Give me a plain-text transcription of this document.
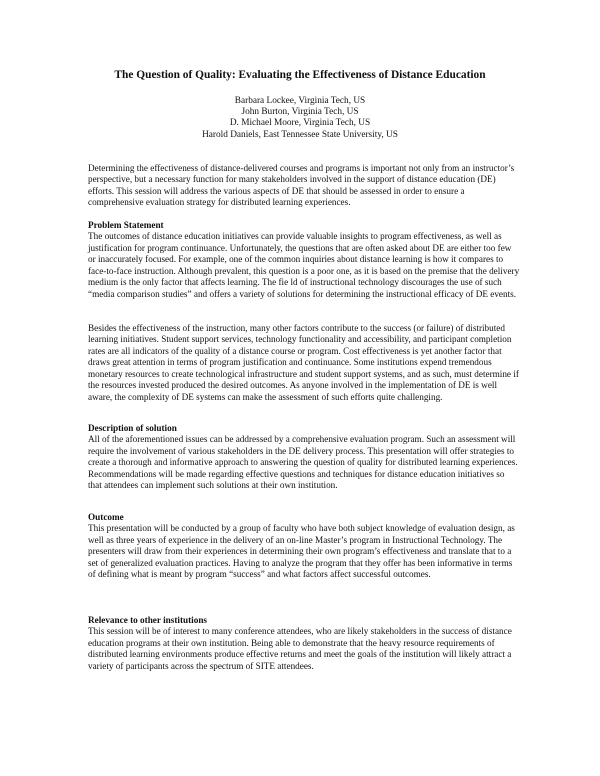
The Question of Quality: Evaluating the Effectiveness of Distance Education
Barbara Lockee, Virginia Tech, US
John Burton, Virginia Tech, US
D. Michael Moore, Virginia Tech, US
Harold Daniels, East Tennessee State University, US

Determining the effectiveness of distance-delivered courses and programs is important not only from an instructor’s perspective, but a necessary function for many stakeholders involved in the support of distance education (DE) efforts. This session will address the various aspects of DE that should be assessed in order to ensure a comprehensive evaluation strategy for distributed learning experiences.

Problem Statement

The outcomes of distance education initiatives can provide valuable insights to program effectiveness, as well as justification for program continuance. Unfortunately, the questions that are often asked about DE are either too few or inaccurately focused. For example, one of the common inquiries about distance learning is how it compares to face-to-face instruction. Although prevalent, this question is a poor one, as it is based on the premise that the delivery medium is the only factor that affects learning. The fie ld of instructional technology discourages the use of such “media comparison studies” and offers a variety of solutions for determining the instructional efficacy of DE events.

Besides the effectiveness of the instruction, many other factors contribute to the success (or failure) of distributed learning initiatives. Student support services, technology functionality and accessibility, and participant completion rates are all indicators of the quality of a distance course or program. Cost effectiveness is yet another factor that draws great attention in terms of program justification and continuance. Some institutions expend tremendous monetary resources to create technological infrastructure and student support systems, and as such, must determine if the resources invested produced the desired outcomes. As anyone involved in the implementation of DE is well aware, the complexity of DE systems can make the assessment of such efforts quite challenging.

Description of solution

All of the aforementioned issues can be addressed by a comprehensive evaluation program. Such an assessment will require the involvement of various stakeholders in the DE delivery process. This presentation will offer strategies to create a thorough and informative approach to answering the question of quality for distributed learning experiences. Recommendations will be made regarding effective questions and techniques for distance education initiatives so that attendees can implement such solutions at their own institution.

Outcome

This presentation will be conducted by a group of faculty who have both subject knowledge of evaluation design, as well as three years of experience in the delivery of an on-line Master’s program in Instructional Technology. The presenters will draw from their experiences in determining their own program’s effectiveness and translate that to a set of generalized evaluation practices. Having to analyze the program that they offer has been informative in terms of defining what is meant by program “success” and what factors affect successful outcomes.

Relevance to other institutions

This session will be of interest to many conference attendees, who are likely stakeholders in the success of distance education programs at their own institution. Being able to demonstrate that the heavy resource requirements of distributed learning environments produce effective returns and meet the goals of the institution will likely attract a variety of participants across the spectrum of SITE attendees.
